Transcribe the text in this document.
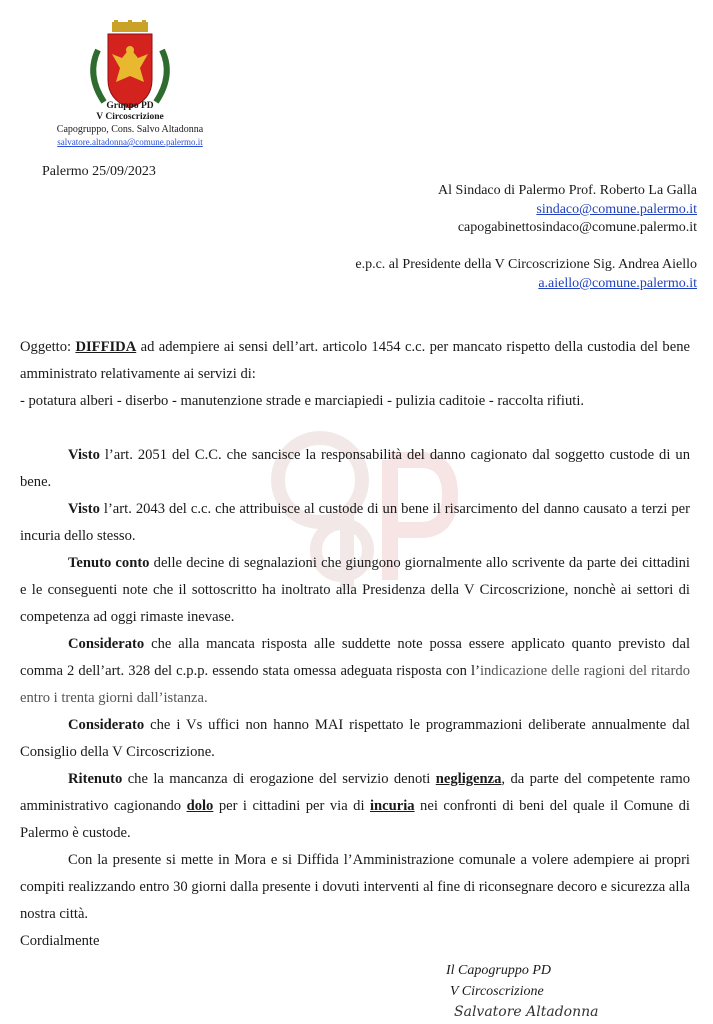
Gruppo PD
V Circoscrizione
Capogruppo, Cons. Salvo Altadonna
salvatore.altadonna@comune.palermo.it
Palermo 25/09/2023
Al Sindaco di Palermo Prof. Roberto La Galla
sindaco@comune.palermo.it
capogabinettosindaco@comune.palermo.it
e.p.c. al Presidente della V Circoscrizione Sig. Andrea Aiello
a.aiello@comune.palermo.it

Oggetto: DIFFIDA ad adempiere ai sensi dell’art. articolo 1454 c.c. per mancato rispetto della custodia del bene amministrato relativamente ai servizi di:

- potatura alberi - diserbo - manutenzione strade e marciapiedi - pulizia caditoie - raccolta rifiuti.

Visto l’art. 2051 del C.C. che sancisce la responsabilità del danno cagionato dal soggetto custode di un bene.

Visto l’art. 2043 del c.c. che attribuisce al custode di un bene il risarcimento del danno causato a terzi per incuria dello stesso.

Tenuto conto delle decine di segnalazioni che giungono giornalmente allo scrivente da parte dei cittadini e le conseguenti note che il sottoscritto ha inoltrato alla Presidenza della V Circoscrizione, nonchè ai settori di competenza ad oggi rimaste inevase.

Considerato che alla mancata risposta alle suddette note possa essere applicato quanto previsto dal comma 2 dell’art. 328 del c.p.p. essendo stata omessa adeguata risposta con l’indicazione delle ragioni del ritardo entro i trenta giorni dall’istanza.

Considerato che i Vs uffici non hanno MAI rispettato le programmazioni deliberate annualmente dal Consiglio della V Circoscrizione.

Ritenuto che la mancanza di erogazione del servizio denoti negligenza, da parte del competente ramo amministrativo cagionando dolo per i cittadini per via di incuria nei confronti di beni del quale il Comune di Palermo è custode.

Con la presente si mette in Mora e si Diffida l’Amministrazione comunale a volere adempiere ai propri compiti realizzando entro 30 giorni dalla presente i dovuti interventi al fine di riconsegnare decoro e sicurezza alla nostra città.

Cordialmente

Il Capogruppo PD
V Circoscrizione
Salvatore Altadonna
